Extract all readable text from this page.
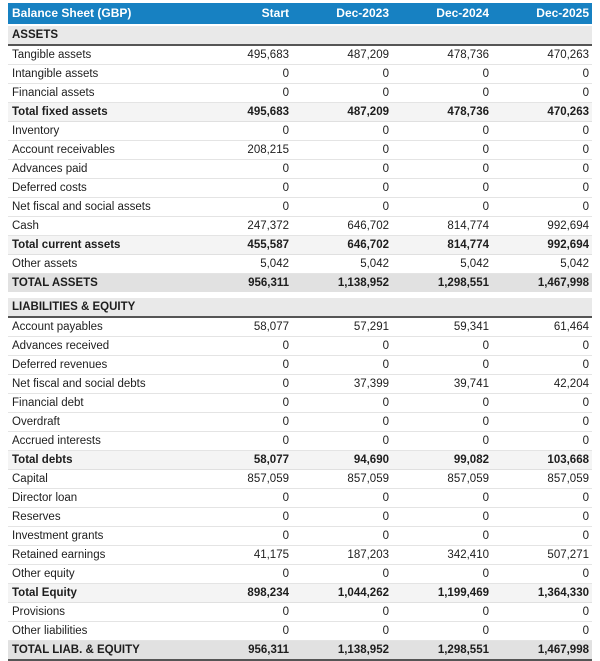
Balance Sheet (GBP)	Start	Dec-2023	Dec-2024	Dec-2025
ASSETS				
Tangible assets	495,683	487,209	478,736	470,263
Intangible assets	0	0	0	0
Financial assets	0	0	0	0
Total fixed assets	495,683	487,209	478,736	470,263
Inventory	0	0	0	0
Account receivables	208,215	0	0	0
Advances paid	0	0	0	0
Deferred costs	0	0	0	0
Net fiscal and social assets	0	0	0	0
Cash	247,372	646,702	814,774	992,694
Total current assets	455,587	646,702	814,774	992,694
Other assets	5,042	5,042	5,042	5,042
TOTAL ASSETS	956,311	1,138,952	1,298,551	1,467,998
LIABILITIES & EQUITY				
Account payables	58,077	57,291	59,341	61,464
Advances received	0	0	0	0
Deferred revenues	0	0	0	0
Net fiscal and social debts	0	37,399	39,741	42,204
Financial debt	0	0	0	0
Overdraft	0	0	0	0
Accrued interests	0	0	0	0
Total debts	58,077	94,690	99,082	103,668
Capital	857,059	857,059	857,059	857,059
Director loan	0	0	0	0
Reserves	0	0	0	0
Investment grants	0	0	0	0
Retained earnings	41,175	187,203	342,410	507,271
Other equity	0	0	0	0
Total Equity	898,234	1,044,262	1,199,469	1,364,330
Provisions	0	0	0	0
Other liabilities	0	0	0	0
TOTAL LIAB. & EQUITY	956,311	1,138,952	1,298,551	1,467,998
